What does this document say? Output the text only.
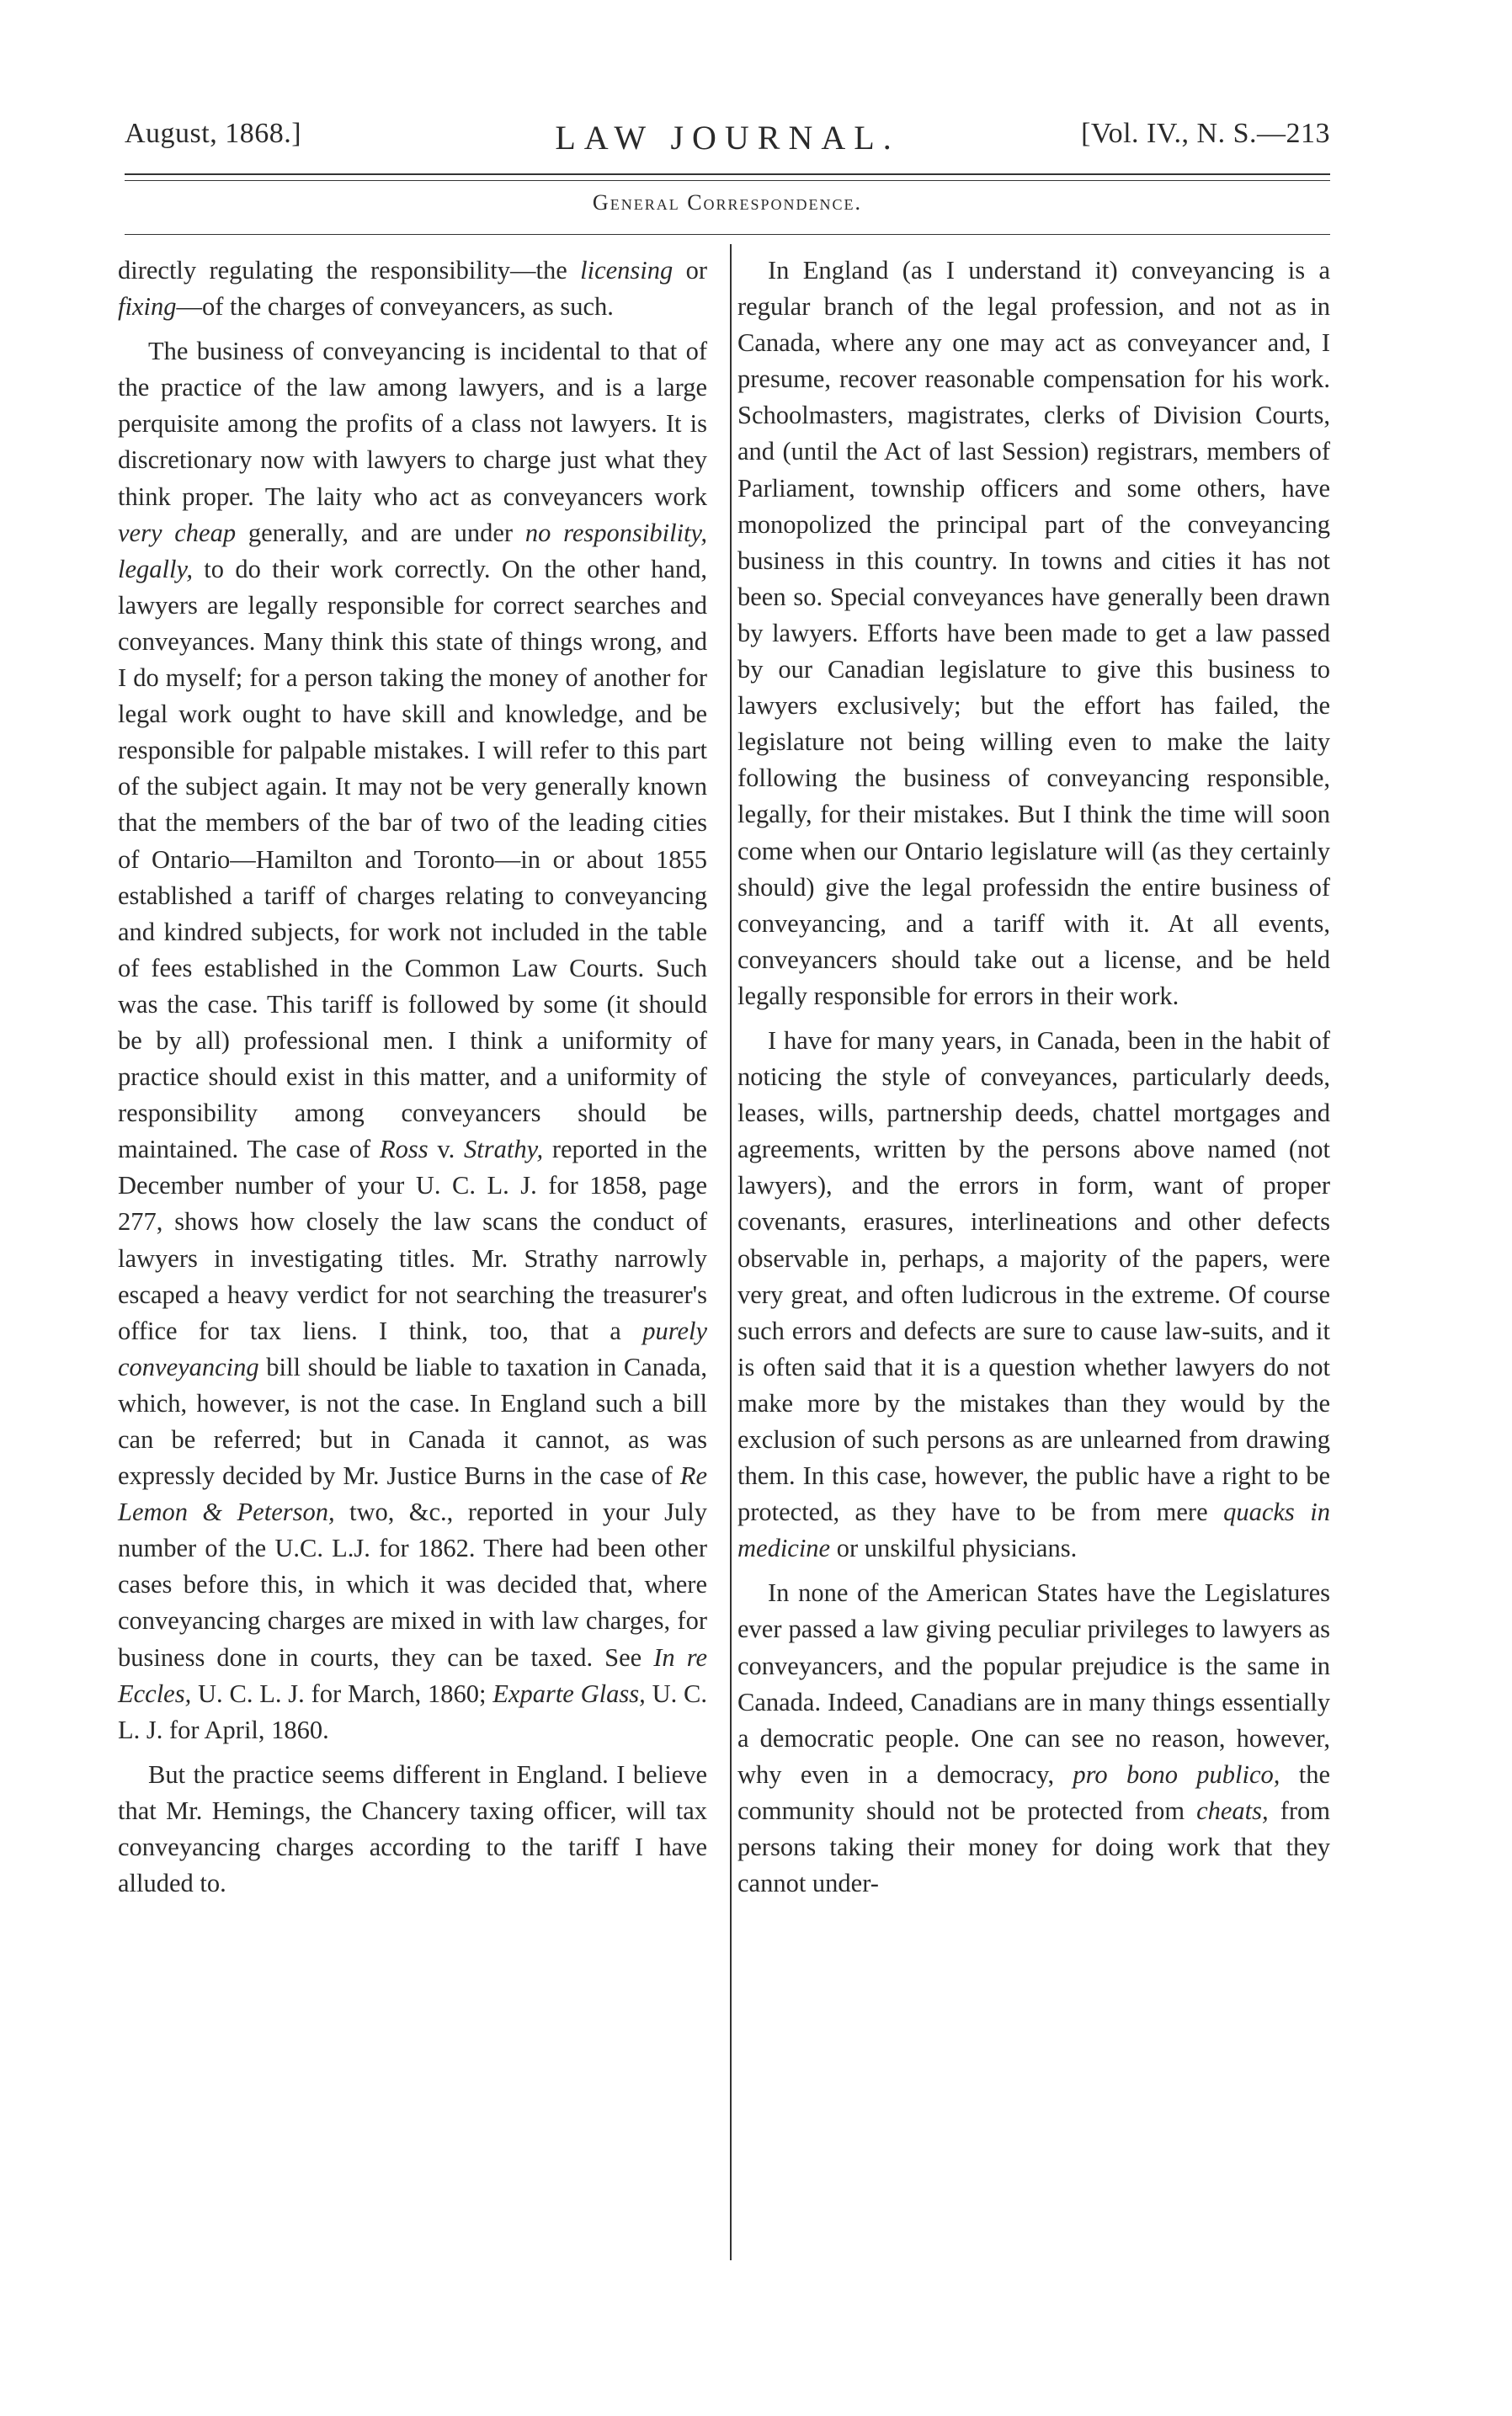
August, 1868.]	LAW JOURNAL.	[Vol. IV., N. S.—213
General Correspondence.

directly regulating the responsibility—the licensing or fixing—of the charges of conveyancers, as such.

The business of conveyancing is incidental to that of the practice of the law among lawyers, and is a large perquisite among the profits of a class not lawyers. It is discretionary now with lawyers to charge just what they think proper. The laity who act as conveyancers work very cheap generally, and are under no responsibility, legally, to do their work correctly. On the other hand, lawyers are legally responsible for correct searches and conveyances. Many think this state of things wrong, and I do myself; for a person taking the money of another for legal work ought to have skill and knowledge, and be responsible for palpable mistakes. I will refer to this part of the subject again. It may not be very generally known that the members of the bar of two of the leading cities of Ontario—Hamilton and Toronto—in or about 1855 established a tariff of charges relating to conveyancing and kindred subjects, for work not included in the table of fees established in the Common Law Courts. Such was the case. This tariff is followed by some (it should be by all) professional men. I think a uniformity of practice should exist in this matter, and a uniformity of responsibility among conveyancers should be maintained. The case of Ross v. Strathy, reported in the December number of your U. C. L. J. for 1858, page 277, shows how closely the law scans the conduct of lawyers in investigating titles. Mr. Strathy narrowly escaped a heavy verdict for not searching the treasurer's office for tax liens. I think, too, that a purely conveyancing bill should be liable to taxation in Canada, which, however, is not the case. In England such a bill can be referred; but in Canada it cannot, as was expressly decided by Mr. Justice Burns in the case of Re Lemon & Peterson, two, &c., reported in your July number of the U.C. L.J. for 1862. There had been other cases before this, in which it was decided that, where conveyancing charges are mixed in with law charges, for business done in courts, they can be taxed. See In re Eccles, U. C. L. J. for March, 1860; Exparte Glass, U. C. L. J. for April, 1860.

But the practice seems different in England. I believe that Mr. Hemings, the Chancery taxing officer, will tax conveyancing charges according to the tariff I have alluded to.

In England (as I understand it) conveyancing is a regular branch of the legal profession, and not as in Canada, where any one may act as conveyancer and, I presume, recover reasonable compensation for his work. Schoolmasters, magistrates, clerks of Division Courts, and (until the Act of last Session) registrars, members of Parliament, township officers and some others, have monopolized the principal part of the conveyancing business in this country. In towns and cities it has not been so. Special conveyances have generally been drawn by lawyers. Efforts have been made to get a law passed by our Canadian legislature to give this business to lawyers exclusively; but the effort has failed, the legislature not being willing even to make the laity following the business of conveyancing responsible, legally, for their mistakes. But I think the time will soon come when our Ontario legislature will (as they certainly should) give the legal professidn the entire business of conveyancing, and a tariff with it. At all events, conveyancers should take out a license, and be held legally responsible for errors in their work.

I have for many years, in Canada, been in the habit of noticing the style of conveyances, particularly deeds, leases, wills, partnership deeds, chattel mortgages and agreements, written by the persons above named (not lawyers), and the errors in form, want of proper covenants, erasures, interlineations and other defects observable in, perhaps, a majority of the papers, were very great, and often ludicrous in the extreme. Of course such errors and defects are sure to cause law-suits, and it is often said that it is a question whether lawyers do not make more by the mistakes than they would by the exclusion of such persons as are unlearned from drawing them. In this case, however, the public have a right to be protected, as they have to be from mere quacks in medicine or unskilful physicians.

In none of the American States have the Legislatures ever passed a law giving peculiar privileges to lawyers as conveyancers, and the popular prejudice is the same in Canada. Indeed, Canadians are in many things essentially a democratic people. One can see no reason, however, why even in a democracy, pro bono publico, the community should not be protected from cheats, from persons taking their money for doing work that they cannot under-
